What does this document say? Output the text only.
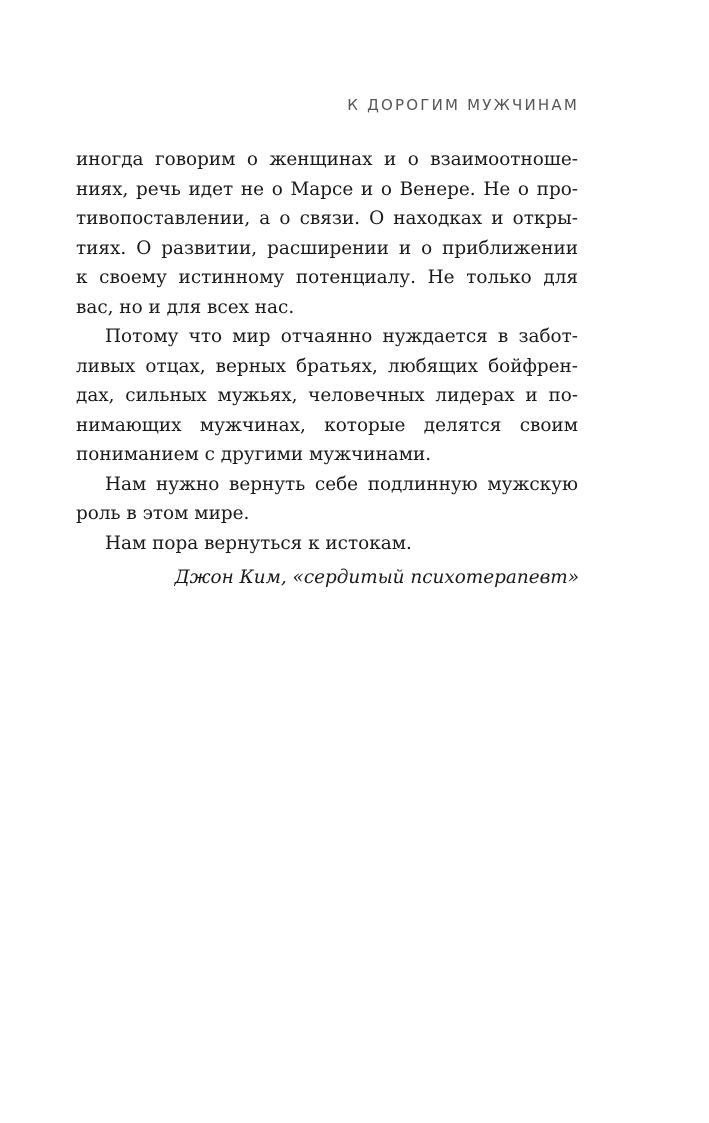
К ДОРОГИМ МУЖЧИНАМ
иногда говорим о женщинах и о взаимоотноше-
ниях, речь идет не о Марсе и о Венере. Не о про-
тивопоставлении, а о связи. О находках и откры-
тиях. О развитии, расширении и о приближении
к своему истинному потенциалу. Не только для
вас, но и для всех нас.
Потому что мир отчаянно нуждается в забот-
ливых отцах, верных братьях, любящих бойфрен-
дах, сильных мужьях, человечных лидерах и по-
нимающих мужчинах, которые делятся своим
пониманием с другими мужчинами.
Нам нужно вернуть себе подлинную мужскую
роль в этом мире.
Нам пора вернуться к истокам.
Джон Ким, «сердитый психотерапевт»
